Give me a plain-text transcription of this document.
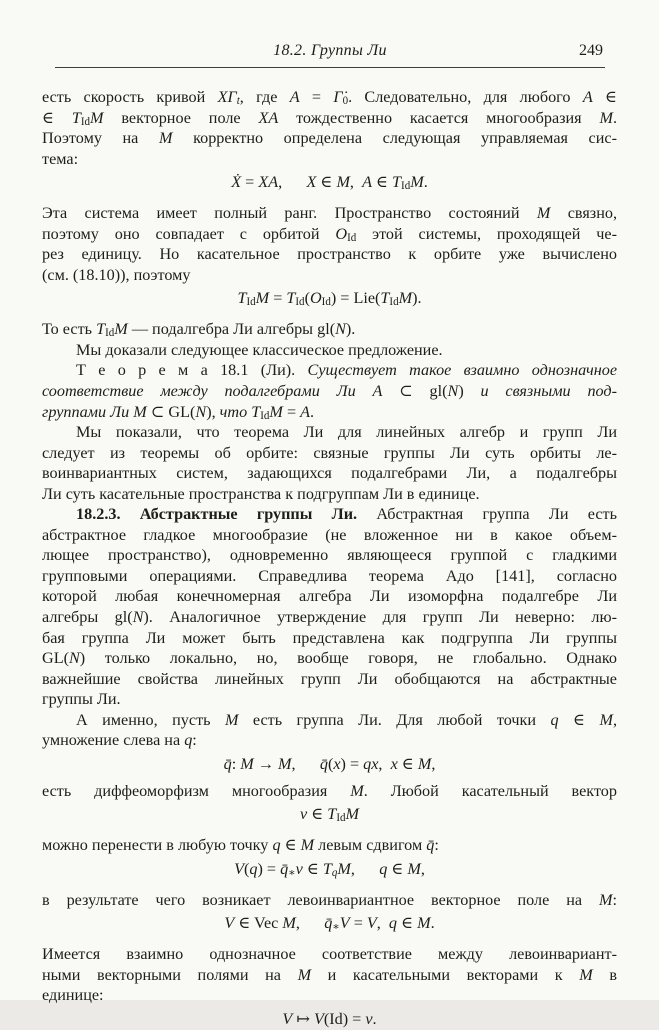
18.2. Группы Ли	249
есть скорость кривой XΓt, где A = Γ̇0. Следовательно, для любого A ∈
∈ TIdM векторное поле XA тождественно касается многообразия M.
Поэтому на M корректно определена следующая управляемая сис-
тема:
Ẋ = XA,  X ∈ M, A ∈ TIdM.
Эта система имеет полный ранг. Пространство состояний M связно,
поэтому оно совпадает с орбитой OId этой системы, проходящей че-
рез единицу. Но касательное пространство к орбите уже вычислено
(см. (18.10)), поэтому
TIdM = TId(OId) = Lie(TIdM).
То есть TIdM — подалгебра Ли алгебры gl(N).
Мы доказали следующее классическое предложение.
Т е о р е м а 18.1 (Ли). Существует такое взаимно однозначное
соответствие между подалгебрами Ли A ⊂ gl(N) и связными под-
группами Ли M ⊂ GL(N), что TIdM = A.
Мы показали, что теорема Ли для линейных алгебр и групп Ли
следует из теоремы об орбите: связные группы Ли суть орбиты ле-
воинвариантных систем, задающихся подалгебрами Ли, а подалгебры
Ли суть касательные пространства к подгруппам Ли в единице.
18.2.3. Абстрактные группы Ли. Абстрактная группа Ли есть
абстрактное гладкое многообразие (не вложенное ни в какое объем-
лющее пространство), одновременно являющееся группой с гладкими
групповыми операциями. Справедлива теорема Адо [141], согласно
которой любая конечномерная алгебра Ли изоморфна подалгебре Ли
алгебры gl(N). Аналогичное утверждение для групп Ли неверно: лю-
бая группа Ли может быть представлена как подгруппа Ли группы
GL(N) только локально, но, вообще говоря, не глобально. Однако
важнейшие свойства линейных групп Ли обобщаются на абстрактные
группы Ли.
А именно, пусть M есть группа Ли. Для любой точки q ∈ M,
умножение слева на q:
q̄: M → M,  q̄(x) = qx, x ∈ M,
есть диффеоморфизм многообразия M. Любой касательный вектор
v ∈ TIdM
можно перенести в любую точку q ∈ M левым сдвигом q̄:
V(q) = q̄∗v ∈ TqM,  q ∈ M,
в результате чего возникает левоинвариантное векторное поле на M:
V ∈ Vec M,  q̄∗V = V, q ∈ M.
Имеется взаимно однозначное соответствие между левоинвариант-
ными векторными полями на M и касательными векторами к M в
единице:
V ↦ V(Id) = v.
